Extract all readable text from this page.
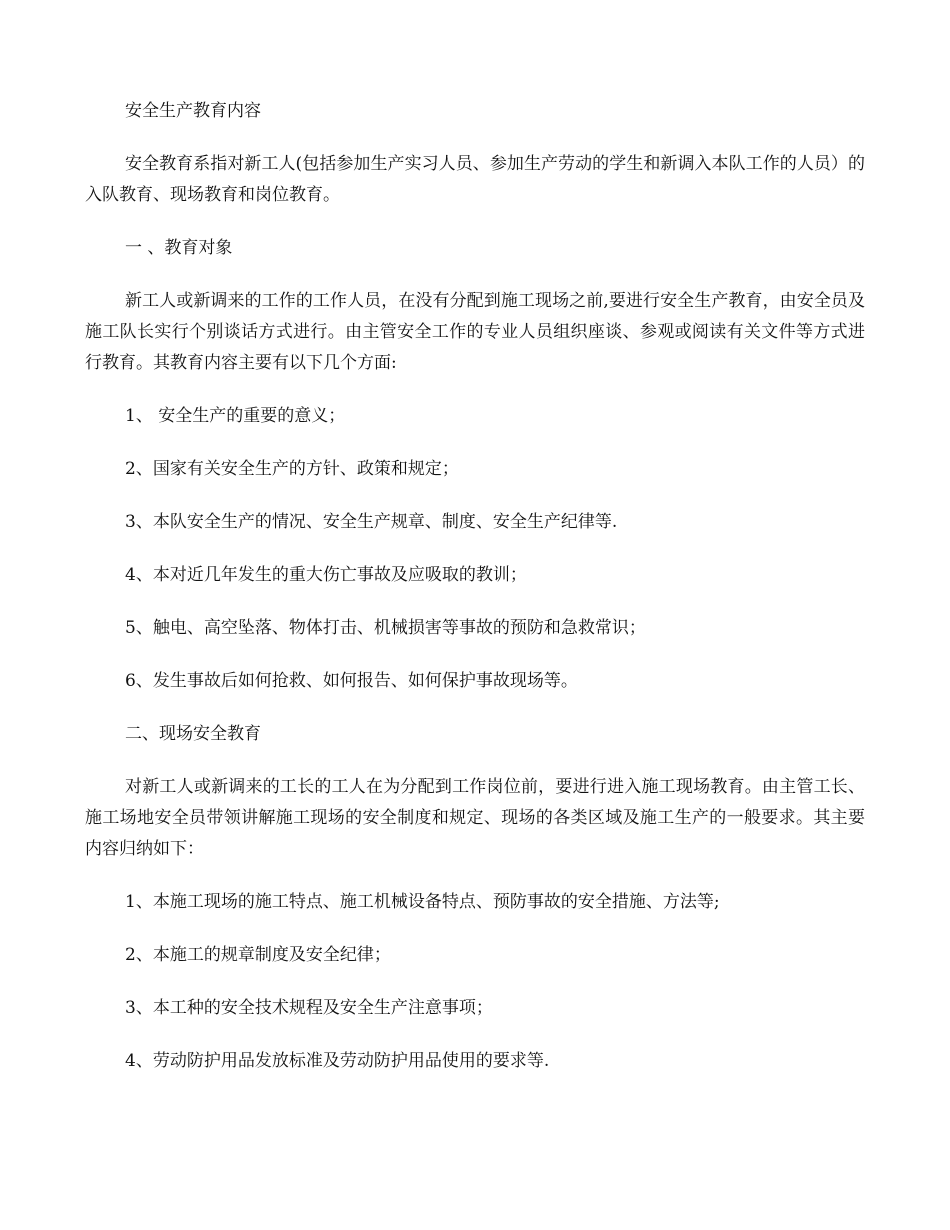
安全生产教育内容

安全教育系指对新工人(包括参加生产实习人员、参加生产劳动的学生和新调入本队工作的人员）的入队教育、现场教育和岗位教育。

一 、教育对象

新工人或新调来的工作的工作人员，在没有分配到施工现场之前,要进行安全生产教育，由安全员及施工队长实行个别谈话方式进行。由主管安全工作的专业人员组织座谈、参观或阅读有关文件等方式进行教育。其教育内容主要有以下几个方面:

1、 安全生产的重要的意义；

2、国家有关安全生产的方针、政策和规定；

3、本队安全生产的情况、安全生产规章、制度、安全生产纪律等.

4、本对近几年发生的重大伤亡事故及应吸取的教训；

5、触电、高空坠落、物体打击、机械损害等事故的预防和急救常识；

6、发生事故后如何抢救、如何报告、如何保护事故现场等。

二、现场安全教育

对新工人或新调来的工长的工人在为分配到工作岗位前，要进行进入施工现场教育。由主管工长、施工场地安全员带领讲解施工现场的安全制度和规定、现场的各类区域及施工生产的一般要求。其主要内容归纳如下：

1、本施工现场的施工特点、施工机械设备特点、预防事故的安全措施、方法等;

2、本施工的规章制度及安全纪律；

3、本工种的安全技术规程及安全生产注意事项；

4、劳动防护用品发放标准及劳动防护用品使用的要求等.
